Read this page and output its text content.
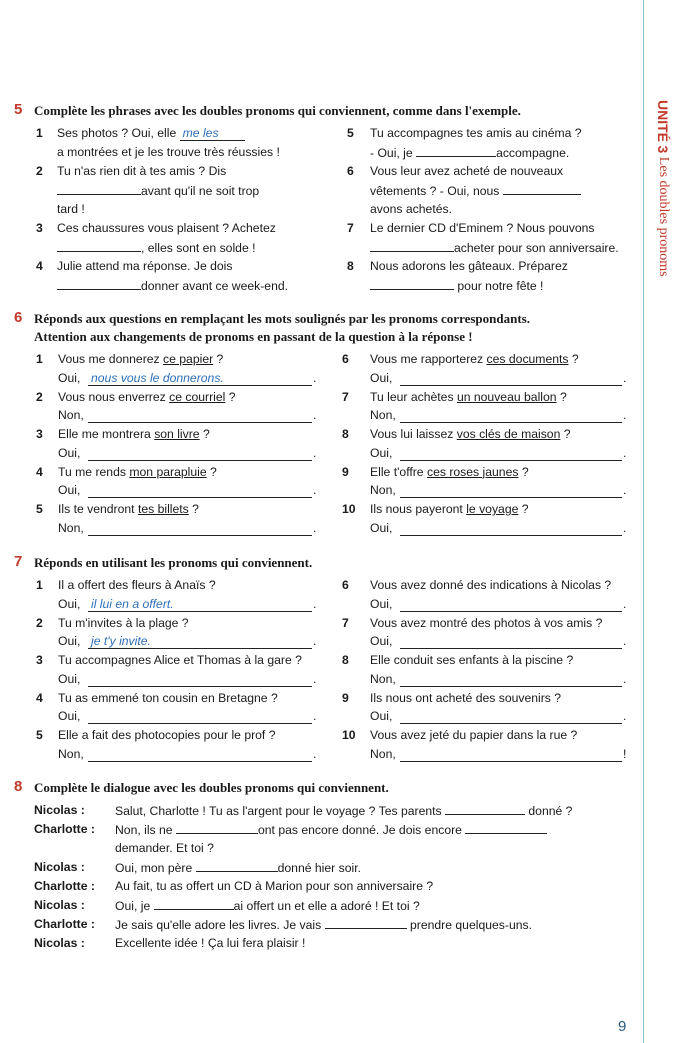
UNITÉ 3 Les doubles pronoms
5 Complète les phrases avec les doubles pronoms qui conviennent, comme dans l'exemple.
1	Ses photos ? Oui, elle me les
a montrées et je les trouve très réussies !
2	Tu n'as rien dit à tes amis ? Dis
avant qu'il ne soit trop
tard !
3	Ces chaussures vous plaisent ? Achetez
, elles sont en solde !
4	Julie attend ma réponse. Je dois
donner avant ce week-end.
5	Tu accompagnes tes amis au cinéma ?
- Oui, je	accompagne.
6	Vous leur avez acheté de nouveaux
vêtements ? - Oui, nous
avons achetés.
7	Le dernier CD d'Eminem ? Nous pouvons
acheter pour son anniversaire.
8	Nous adorons les gâteaux. Préparez
pour notre fête !
6 Réponds aux questions en remplaçant les mots soulignés par les pronoms correspondants.
Attention aux changements de pronoms en passant de la question à la réponse !
1	Vous me donnerez ce papier ?
Oui, nous vous le donnerons.	.
2	Vous nous enverrez ce courriel ?
Non,	.
3	Elle me montrera son livre ?
Oui,	.
4	Tu me rends mon parapluie ?
Oui,	.
5	Ils te vendront tes billets ?
Non,	.
6	Vous me rapporterez ces documents ?
Oui,	.
7	Tu leur achètes un nouveau ballon ?
Non,	.
8	Vous lui laissez vos clés de maison ?
Oui,	.
9	Elle t'offre ces roses jaunes ?
Non,	.
10 Ils nous payeront le voyage ?
Oui,	.
7 Réponds en utilisant les pronoms qui conviennent.
1	Il a offert des fleurs à Anaïs ?
Oui, il lui en a offert.	.
2	Tu m'invites à la plage ?
Oui, je t'y invite.	.
3	Tu accompagnes Alice et Thomas à la gare ?
Oui,	.
4	Tu as emmené ton cousin en Bretagne ?
Oui,	.
5	Elle a fait des photocopies pour le prof ?
Non,	.
6	Vous avez donné des indications à Nicolas ?
Oui,	.
7	Vous avez montré des photos à vos amis ?
Oui,	.
8	Elle conduit ses enfants à la piscine ?
Non,	.
9	Ils nous ont acheté des souvenirs ?
Oui,	.
10 Vous avez jeté du papier dans la rue ?
Non,	!
8 Complète le dialogue avec les doubles pronoms qui conviennent.
Nicolas : Salut, Charlotte ! Tu as l'argent pour le voyage ? Tes parents	donné ?
Charlotte : Non, ils ne	ont pas encore donné. Je dois encore
demander. Et toi ?
Nicolas : Oui, mon père	donné hier soir.
Charlotte : Au fait, tu as offert un CD à Marion pour son anniversaire ?
Nicolas : Oui, je	ai offert un et elle a adoré ! Et toi ?
Charlotte : Je sais qu'elle adore les livres. Je vais	prendre quelques-uns.
Nicolas : Excellente idée ! Ça lui fera plaisir !
9
